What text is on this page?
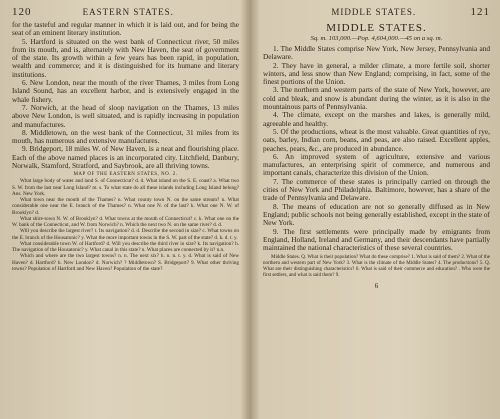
120	EASTERN STATES.

for the tasteful and regular manner in which it is laid out, and for being the seat of an eminent literary institution.

5. Hartford is situated on the west bank of Connecticut river, 50 miles from its mouth, and is, alternately with New Haven, the seat of government of the state. Its growth within a few years has been rapid, in population, wealth and commerce; and it is distinguished for its humane and literary institutions.

6. New London, near the mouth of the river Thames, 3 miles from Long Island Sound, has an excellent harbor, and is extensively engaged in the whale fishery.

7. Norwich, at the head of sloop navigation on the Thames, 13 miles above New London, is well situated, and is rapidly increasing in population and manufactures.

8. Middletown, on the west bank of the Connecticut, 31 miles from its mouth, has numerous and extensive manufactures.

9. Bridgeport, 18 miles W. of New Haven, is a neat and flourishing place. Each of the above named places is an incorporated city. Litchfield, Danbury, Norwalk, Stamford, Stratford, and Saybrook, are all thriving towns.

MAP OF THE EASTERN STATES, NO. 2.

What large body of water and land S. of Connecticut? d. d. What island on the S. E. coast? a. What two S. W. from the last near Long Island? m. s. To what state do all these islands including Long Island belong? Ans. New York.

What town near the mouth of the Thames? n. What county town N. on the same stream? n. What considerable one near the E. branch of the Thames? n. What one N. of the last? k. What one N. W. of Brooklyn? d.

What shire-town N. W. of Brooklyn? d. What towns at the mouth of Connecticut? c. k. What one on the W. bank of the Connecticut, and W. from Norwich? n. Which the next two N. on the same river? d. d.

Will you describe the largest river? t. Its navigation? d. d. Describe the second in size? c. What towns on the E. branch of the Housatonic? y. What the more important towns in the S. W. part of the state? d. k. d. t. y.

What considerable town W. of Hartford? d. Will you describe the third river in size? k. Its navigation? h. The navigation of the Housatonic? y. What canal in this state? n. What places are connected by it? n.n.

Which and where are the two largest towns? n. n. The next six? h. n. n. t. y. d. What is said of New Haven? d. Hartford? h. New London? d. Norwich? ? Middletown? S. Bridgeport? 9. What other thriving towns? Population of Hartford and New Haven? Population of the state?

MIDDLE STATES.	121
MIDDLE STATES.
Sq. m. 103,000.—Pop. 4,604,000.—45 on a sq. m.

1. The Middle States comprise New York, New Jersey, Pennsylvania and Delaware.

2. They have in general, a milder climate, a more fertile soil, shorter winters, and less snow than New England; comprising, in fact, some of the finest portions of the Union.

3. The northern and western parts of the state of New York, however, are cold and bleak, and snow is abundant during the winter, as it is also in the mountainous parts of Pennsylvania.

4. The climate, except on the marshes and lakes, is generally mild, agreeable and healthy.

5. Of the productions, wheat is the most valuable. Great quantities of rye, oats, barley, Indian corn, beans, and peas, are also raised. Excellent apples, peaches, pears, &c., are produced in abundance.

6. An improved system of agriculture, extensive and various manufactures, an enterprising spirit of commerce, and numerous and important canals, characterize this division of the Union.

7. The commerce of these states is principally carried on through the cities of New York and Philadelphia. Baltimore, however, has a share of the trade of Pennsylvania and Delaware.

8. The means of education are not so generally diffused as in New England; public schools not being generally established, except in the state of New York.

9. The first settlements were principally made by emigrants from England, Holland, Ireland and Germany, and their descendants have partially maintained the national characteristics of these several countries.

Middle States. Q. What is their population? What do these comprise? 1. What is said of them? 2. What of the northern and western part of New York? 3. What is the climate of the Middle States? 4. The productions? 5. Q. What are their distinguishing characteristics? 6. What is said of their commerce and education? . Who were the first settlers, and what is said them? 9.

6
